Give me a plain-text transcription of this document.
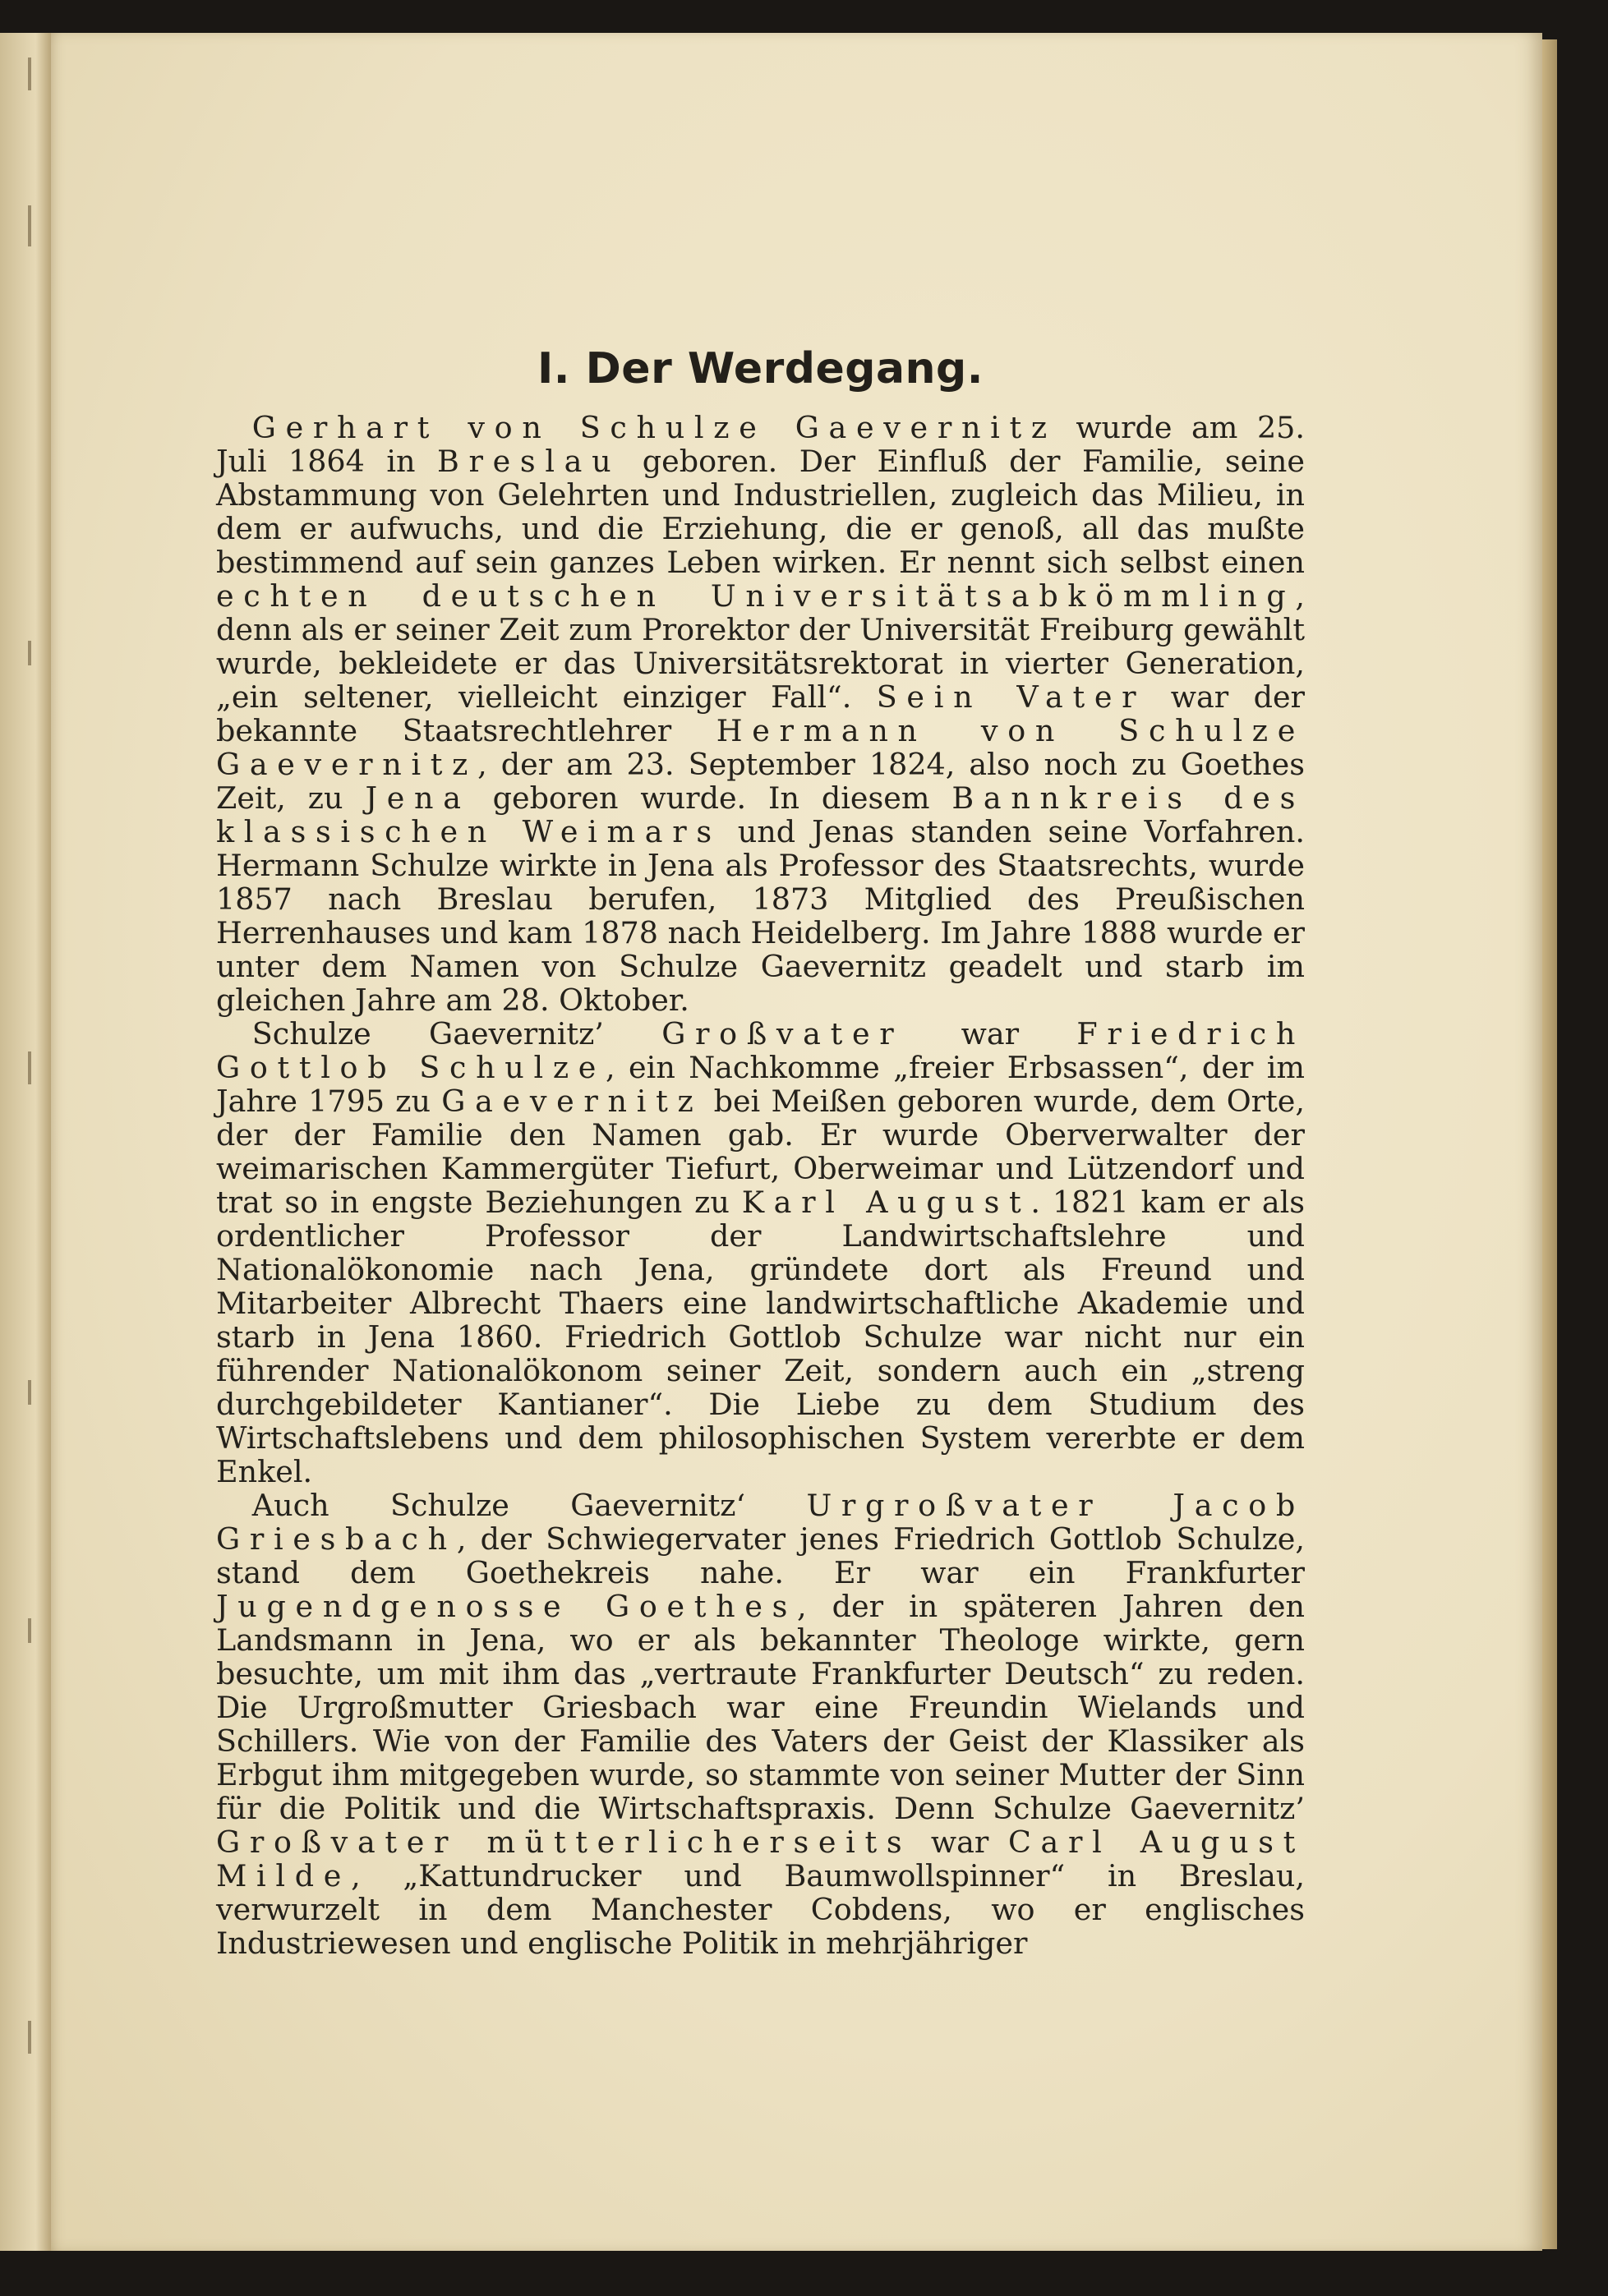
I. Der Werdegang.

Gerhart von Schulze Gaevernitz wurde am 25. Juli 1864 in Breslau geboren. Der Einfluß der Familie, seine Abstammung von Gelehrten und Industriellen, zugleich das Milieu, in dem er aufwuchs, und die Erziehung, die er genoß, all das mußte bestimmend auf sein ganzes Leben wirken. Er nennt sich selbst einen echten deutschen Universitätsabkömmling, denn als er seiner Zeit zum Prorektor der Universität Freiburg gewählt wurde, bekleidete er das Universitätsrektorat in vierter Generation, „ein seltener, vielleicht einziger Fall“. Sein Vater war der bekannte Staatsrechtlehrer Hermann von Schulze Gaevernitz, der am 23. September 1824, also noch zu Goethes Zeit, zu Jena geboren wurde. In diesem Bannkreis des klassischen Weimars und Jenas standen seine Vorfahren. Hermann Schulze wirkte in Jena als Professor des Staatsrechts, wurde 1857 nach Breslau berufen, 1873 Mitglied des Preußischen Herrenhauses und kam 1878 nach Heidelberg. Im Jahre 1888 wurde er unter dem Namen von Schulze Gaevernitz geadelt und starb im gleichen Jahre am 28. Oktober.

Schulze Gaevernitz’ Großvater war Friedrich Gottlob Schulze, ein Nachkomme „freier Erbsassen“, der im Jahre 1795 zu Gaevernitz bei Meißen geboren wurde, dem Orte, der der Familie den Namen gab. Er wurde Oberverwalter der weimarischen Kammergüter Tiefurt, Oberweimar und Lützendorf und trat so in engste Beziehungen zu Karl August. 1821 kam er als ordentlicher Professor der Landwirtschaftslehre und Nationalökonomie nach Jena, gründete dort als Freund und Mitarbeiter Albrecht Thaers eine landwirtschaftliche Akademie und starb in Jena 1860. Friedrich Gottlob Schulze war nicht nur ein führender Nationalökonom seiner Zeit, sondern auch ein „streng durchgebildeter Kantianer“. Die Liebe zu dem Studium des Wirtschaftslebens und dem philosophischen System vererbte er dem Enkel.

Auch Schulze Gaevernitz‘ Urgroßvater Jacob Griesbach, der Schwiegervater jenes Friedrich Gottlob Schulze, stand dem Goethekreis nahe. Er war ein Frankfurter Jugendgenosse Goethes, der in späteren Jahren den Landsmann in Jena, wo er als bekannter Theologe wirkte, gern besuchte, um mit ihm das „vertraute Frankfurter Deutsch“ zu reden. Die Urgroßmutter Griesbach war eine Freundin Wielands und Schillers. Wie von der Familie des Vaters der Geist der Klassiker als Erbgut ihm mitgegeben wurde, so stammte von seiner Mutter der Sinn für die Politik und die Wirtschaftspraxis. Denn Schulze Gaevernitz’ Großvater mütterlicherseits war Carl August Milde, „Kattundrucker und Baumwollspinner“ in Breslau, verwurzelt in dem Manchester Cobdens, wo er englisches Industriewesen und englische Politik in mehrjähriger
